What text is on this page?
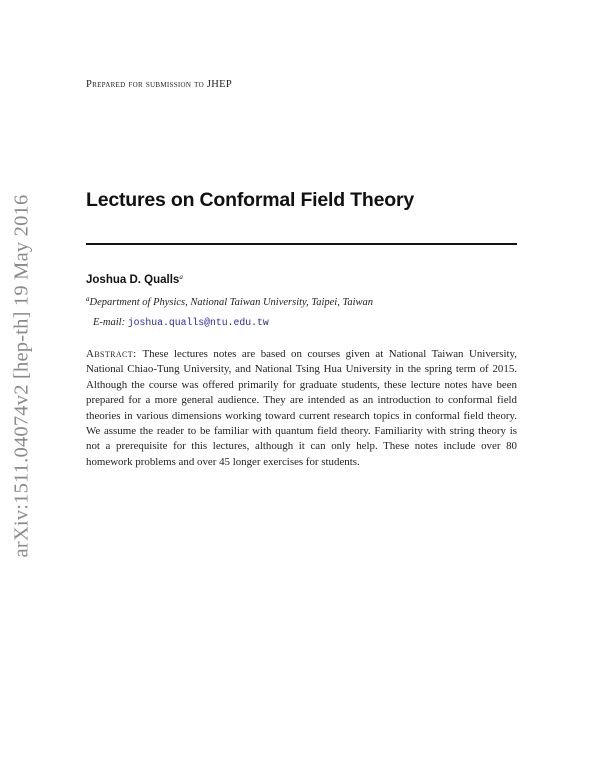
arXiv:1511.04074v2 [hep-th] 19 May 2016
Prepared for submission to JHEP
Lectures on Conformal Field Theory
Joshua D. Qualls$^a$
$^a$Department of Physics, National Taiwan University, Taipei, Taiwan
E-mail: joshua.qualls@ntu.edu.tw

Abstract: These lectures notes are based on courses given at National Taiwan University, National Chiao-Tung University, and National Tsing Hua University in the spring term of 2015. Although the course was offered primarily for graduate students, these lecture notes have been prepared for a more general audience. They are intended as an introduction to conformal field theories in various dimensions working toward current research topics in conformal field theory. We assume the reader to be familiar with quantum field theory. Familiarity with string theory is not a prerequisite for this lectures, although it can only help. These notes include over 80 homework problems and over 45 longer exercises for students.
